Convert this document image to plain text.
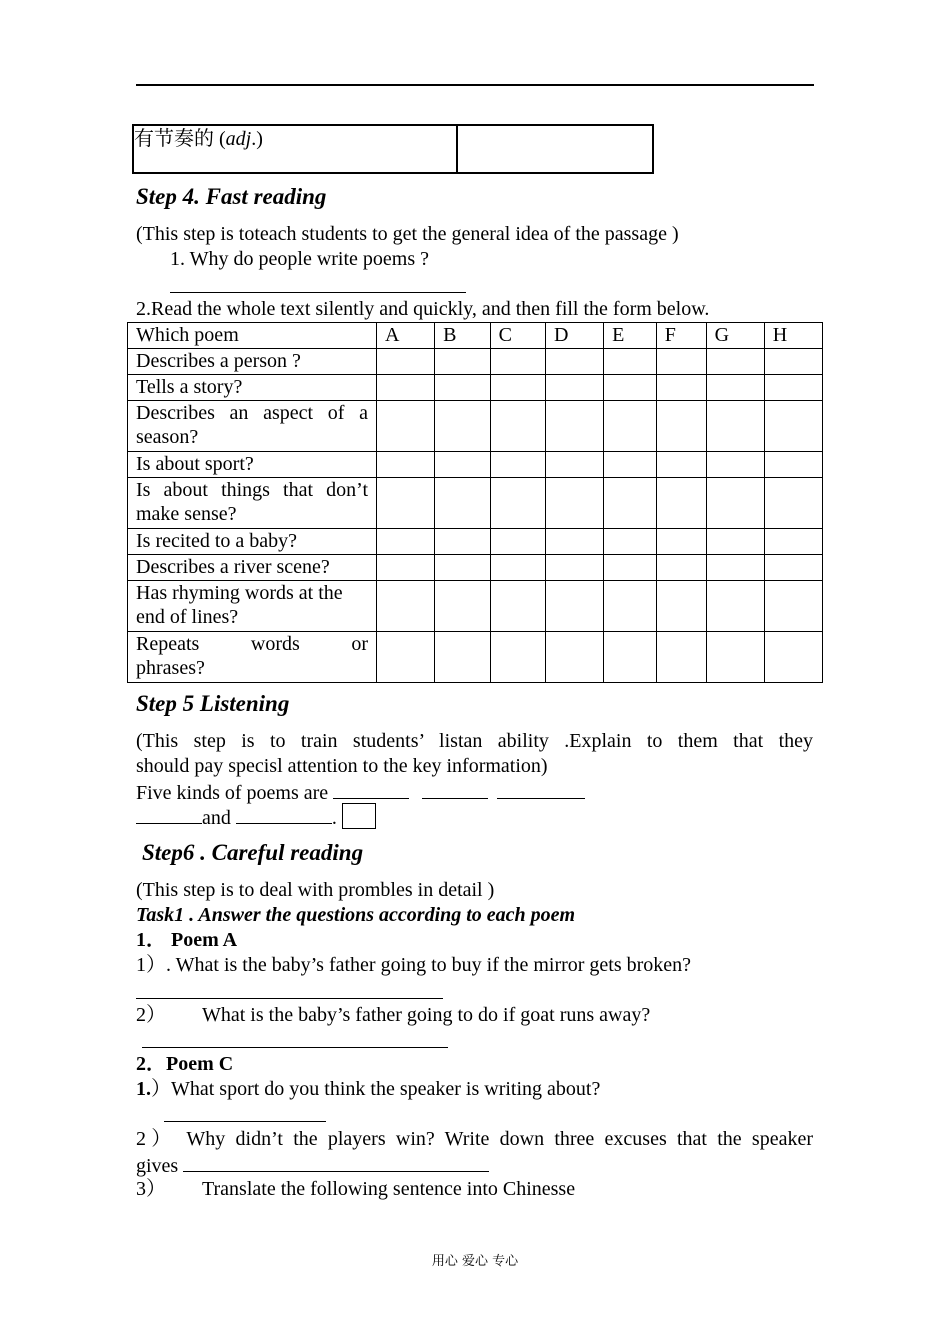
有节奏的 (adj.)
Step 4. Fast reading
(This step is toteach students to get the general idea of the passage )
1. Why do people write poems ?
2.Read the whole text silently and quickly, and then fill the form below.
Which poem	A	B	C	D	E	F	G	H
Describes a person ?								
Tells a story?								
Describes an aspect of a season?								
Is about sport?								
Is about things that don’t make sense?								
Is recited to a baby?								
Describes a river scene?								
Has rhyming words at the end of lines?								
Repeats words or phrases?								
Step 5 Listening
(This step is to train students’ listan ability .Explain to them that they
should pay specisl attention to the key information)
Five kinds of poems are
and	.
Step6 . Careful reading
(This step is to deal with prombles in detail )
Task1 . Answer the questions according to each poem
1． Poem A
1）. What is the baby’s father going to buy if the mirror gets broken?
2） What is the baby’s father going to do if goat runs away?
2．Poem C
1.）What sport do you think the speaker is writing about?
2） Why didn’t the players win? Write down three excuses that the speaker
gives
3） Translate the following sentence into Chinesse
用心 爱心 专心
